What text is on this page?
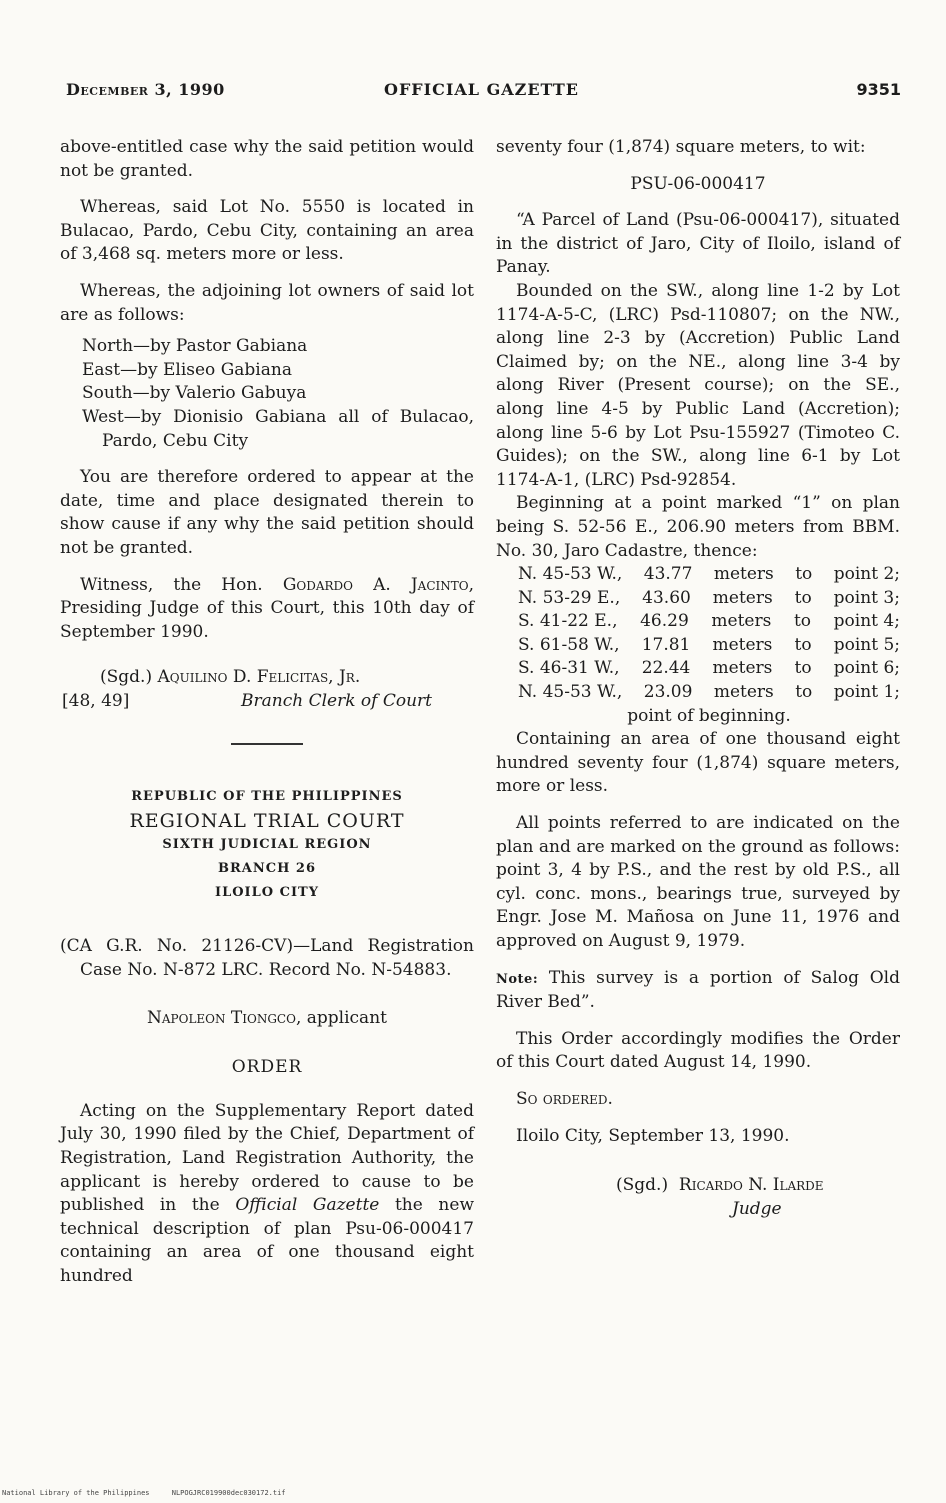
December 3, 1990	OFFICIAL GAZETTE	9351

above-entitled case why the said petition would not be granted.

Whereas, said Lot No. 5550 is located in Bulacao, Pardo, Cebu City, containing an area of 3,468 sq. meters more or less.

Whereas, the adjoining lot owners of said lot are as follows:

North—by Pastor Gabiana
East—by Eliseo Gabiana
South—by Valerio Gabuya
West—by Dionisio Gabiana all of Bulacao, Pardo, Cebu City

You are therefore ordered to appear at the date, time and place designated therein to show cause if any why the said petition should not be granted.

Witness, the Hon. Godardo A. Jacinto, Presiding Judge of this Court, this 10th day of September 1990.

(Sgd.) Aquilino D. Felicitas, Jr.
[48, 49]	Branch Clerk of Court
REPUBLIC OF THE PHILIPPINES
REGIONAL TRIAL COURT
SIXTH JUDICIAL REGION
BRANCH 26
ILOILO CITY

(CA G.R. No. 21126-CV)—Land Registration Case No. N-872 LRC. Record No. N-54883.

Napoleon Tiongco, applicant

ORDER

Acting on the Supplementary Report dated July 30, 1990 filed by the Chief, Department of Registration, Land Registration Authority, the applicant is hereby ordered to cause to be published in the Official Gazette the new technical description of plan Psu-06-000417 containing an area of one thousand eight hundred

seventy four (1,874) square meters, to wit:

PSU-06-000417

“A Parcel of Land (Psu-06-000417), situated in the district of Jaro, City of Iloilo, island of Panay.

Bounded on the SW., along line 1-2 by Lot 1174-A-5-C, (LRC) Psd-110807; on the NW., along line 2-3 by (Accretion) Public Land Claimed by; on the NE., along line 3-4 by along River (Present course); on the SE., along line 4-5 by Public Land (Accretion); along line 5-6 by Lot Psu-155927 (Timoteo C. Guides); on the SW., along line 6-1 by Lot 1174-A-1, (LRC) Psd-92854.

Beginning at a point marked “1” on plan being S. 52-56 E., 206.90 meters from BBM. No. 30, Jaro Cadastre, thence:

N. 45-53 W., 43.77 meters to point 2;
N. 53-29 E., 43.60 meters to point 3;
S. 41-22 E., 46.29 meters to point 4;
S. 61-58 W., 17.81 meters to point 5;
S. 46-31 W., 22.44 meters to point 6;
N. 45-53 W., 23.09 meters to point 1;
point of beginning.

Containing an area of one thousand eight hundred seventy four (1,874) square meters, more or less.

All points referred to are indicated on the plan and are marked on the ground as follows: point 3, 4 by P.S., and the rest by old P.S., all cyl. conc. mons., bearings true, surveyed by Engr. Jose M. Mañosa on June 11, 1976 and approved on August 9, 1979.

Note: This survey is a portion of Salog Old River Bed”.

This Order accordingly modifies the Order of this Court dated August 14, 1990.

So ordered.

Iloilo City, September 13, 1990.

(Sgd.) Ricardo N. Ilarde
Judge
National Library of the Philippines	NLPOGJRC019900dec030172.tif
